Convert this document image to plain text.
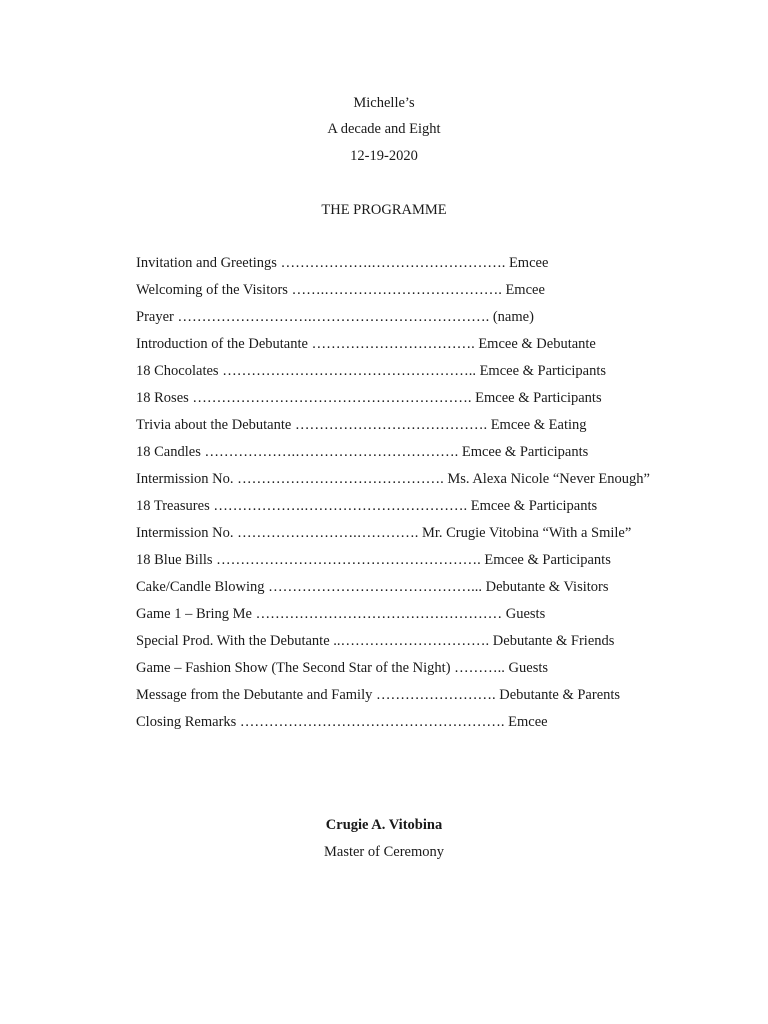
Michelle’s
A decade and Eight
12-19-2020
THE PROGRAMME
Invitation and Greetings ……………….………………………. Emcee
Welcoming of the Visitors …….………………………………. Emcee
Prayer ……………………….………………………………. (name)
Introduction of the Debutante ……………………………. Emcee & Debutante
18 Chocolates …………………………………………….. Emcee & Participants
18 Roses …………………………………………………. Emcee & Participants
Trivia about the Debutante …………………………………. Emcee & Eating
18 Candles ……………….……………………………. Emcee & Participants
Intermission No. ……………………………………. Ms. Alexa Nicole “Never Enough”
18 Treasures ……………….……………………………. Emcee & Participants
Intermission No. …………………….…………. Mr. Crugie Vitobina “With a Smile”
18 Blue Bills ………………………………………………. Emcee & Participants
Cake/Candle Blowing ……………………………………... Debutante & Visitors
Game 1 – Bring Me …………………………………………… Guests
Special Prod. With the Debutante ..…………………………. Debutante & Friends
Game – Fashion Show (The Second Star of the Night) ……….. Guests
Message from the Debutante and Family ……………………. Debutante & Parents
Closing Remarks ………………………………………………. Emcee
Crugie A. Vitobina
Master of Ceremony
